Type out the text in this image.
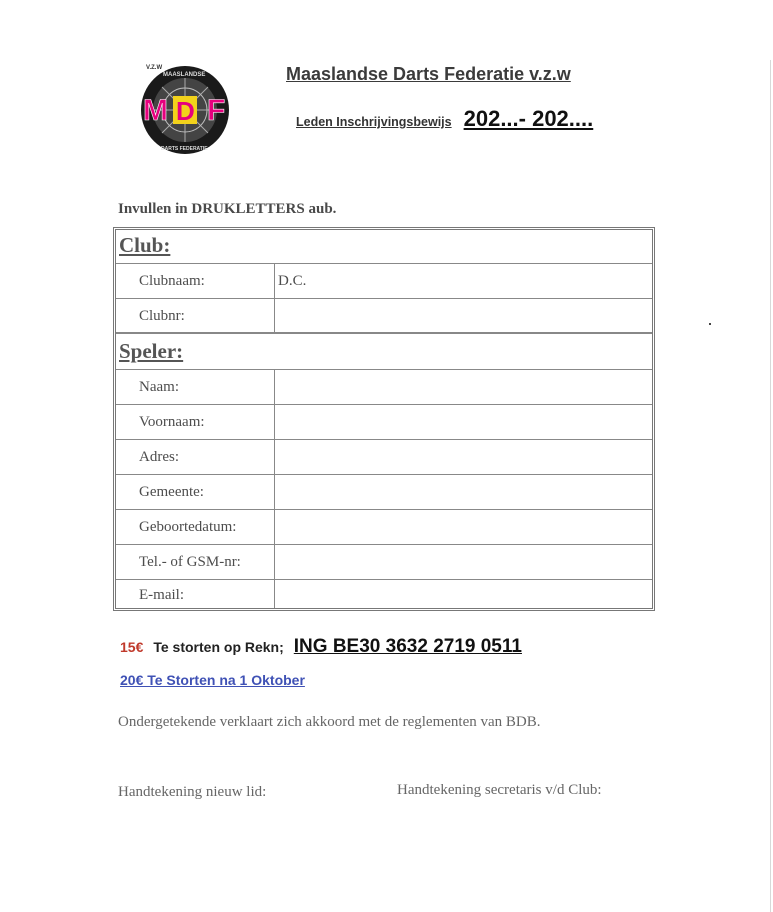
V.Z.W
MAASLANDSE
DARTS FEDERATIE
M D F
Maaslandse Darts Federatie v.z.w
Leden Inschrijvingsbewijs 202...- 202....
Invullen in DRUKLETTERS aub.
Club:
Clubnaam:	D.C.
Clubnr:
Speler:
Naam:
Voornaam:
Adres:
Gemeente:
Geboortedatum:
Tel.- of GSM-nr:
E-mail:
15€ Te storten op Rekn; ING BE30 3632 2719 0511
20€ Te Storten na 1 Oktober
Ondergetekende verklaart zich akkoord met de reglementen van BDB.
Handtekening nieuw lid:	Handtekening secretaris v/d Club:
